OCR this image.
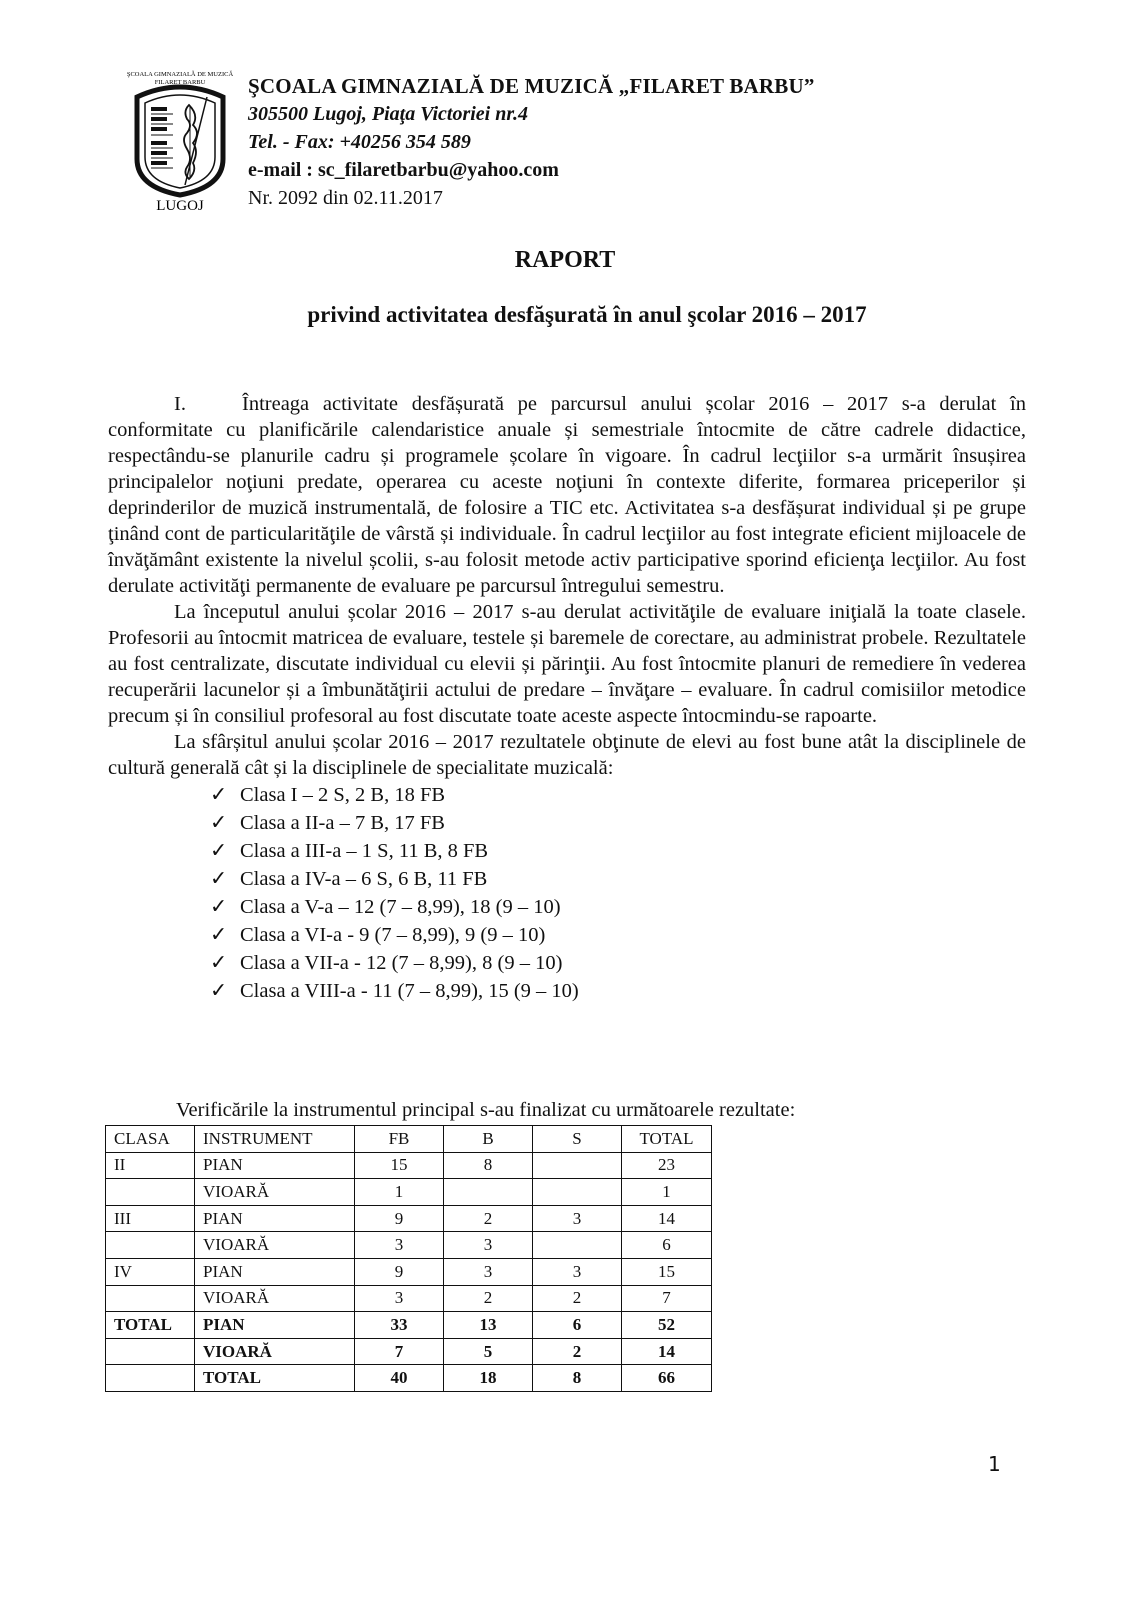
ŞCOALA GIMNAZIALĂ DE MUZICĂ
FILARET BARBU
LUGOJ
ŞCOALA GIMNAZIALĂ DE MUZICĂ „FILARET BARBU”
305500 Lugoj, Piaţa Victoriei nr.4
Tel. - Fax: +40256 354 589
e-mail : sc_filaretbarbu@yahoo.com
Nr. 2092 din 02.11.2017
RAPORT
privind activitatea desfăşurată în anul şcolar 2016 – 2017

I.	Întreaga activitate desfășurată pe parcursul anului școlar 2016 – 2017 s-a derulat în conformitate cu planificările calendaristice anuale și semestriale întocmite de către cadrele didactice, respectându-se planurile cadru și programele școlare în vigoare. În cadrul lecţiilor s-a urmărit însușirea principalelor noţiuni predate, operarea cu aceste noţiuni în contexte diferite, formarea priceperilor și deprinderilor de muzică instrumentală, de folosire a TIC etc. Activitatea s-a desfășurat individual și pe grupe ţinând cont de particularităţile de vârstă și individuale. În cadrul lecţiilor au fost integrate eficient mijloacele de învăţământ existente la nivelul școlii, s-au folosit metode activ participative sporind eficienţa lecţiilor. Au fost derulate activităţi permanente de evaluare pe parcursul întregului semestru.

La începutul anului școlar 2016 – 2017 s-au derulat activităţile de evaluare iniţială la toate clasele. Profesorii au întocmit matricea de evaluare, testele și baremele de corectare, au administrat probele. Rezultatele au fost centralizate, discutate individual cu elevii și părinţii. Au fost întocmite planuri de remediere în vederea recuperării lacunelor și a îmbunătăţirii actului de predare – învăţare – evaluare. În cadrul comisiilor metodice precum și în consiliul profesoral au fost discutate toate aceste aspecte întocmindu-se rapoarte.

La sfârșitul anului școlar 2016 – 2017 rezultatele obţinute de elevi au fost bune atât la disciplinele de cultură generală cât și la disciplinele de specialitate muzicală:

✓ Clasa I – 2 S, 2 B, 18 FB
✓ Clasa a II-a – 7 B, 17 FB
✓ Clasa a III-a – 1 S, 11 B, 8 FB
✓ Clasa a IV-a – 6 S, 6 B, 11 FB
✓ Clasa a V-a – 12 (7 – 8,99), 18 (9 – 10)
✓ Clasa a VI-a - 9 (7 – 8,99), 9 (9 – 10)
✓ Clasa a VII-a - 12 (7 – 8,99), 8 (9 – 10)
✓ Clasa a VIII-a - 11 (7 – 8,99), 15 (9 – 10)
Verificările la instrumentul principal s-au finalizat cu următoarele rezultate:
CLASA	INSTRUMENT	FB	B	S	TOTAL
II	PIAN	15	8		23
	VIOARĂ	1			1
III	PIAN	9	2	3	14
	VIOARĂ	3	3		6
IV	PIAN	9	3	3	15
	VIOARĂ	3	2	2	7
TOTAL	PIAN	33	13	6	52
	VIOARĂ	7	5	2	14
	TOTAL	40	18	8	66
1
